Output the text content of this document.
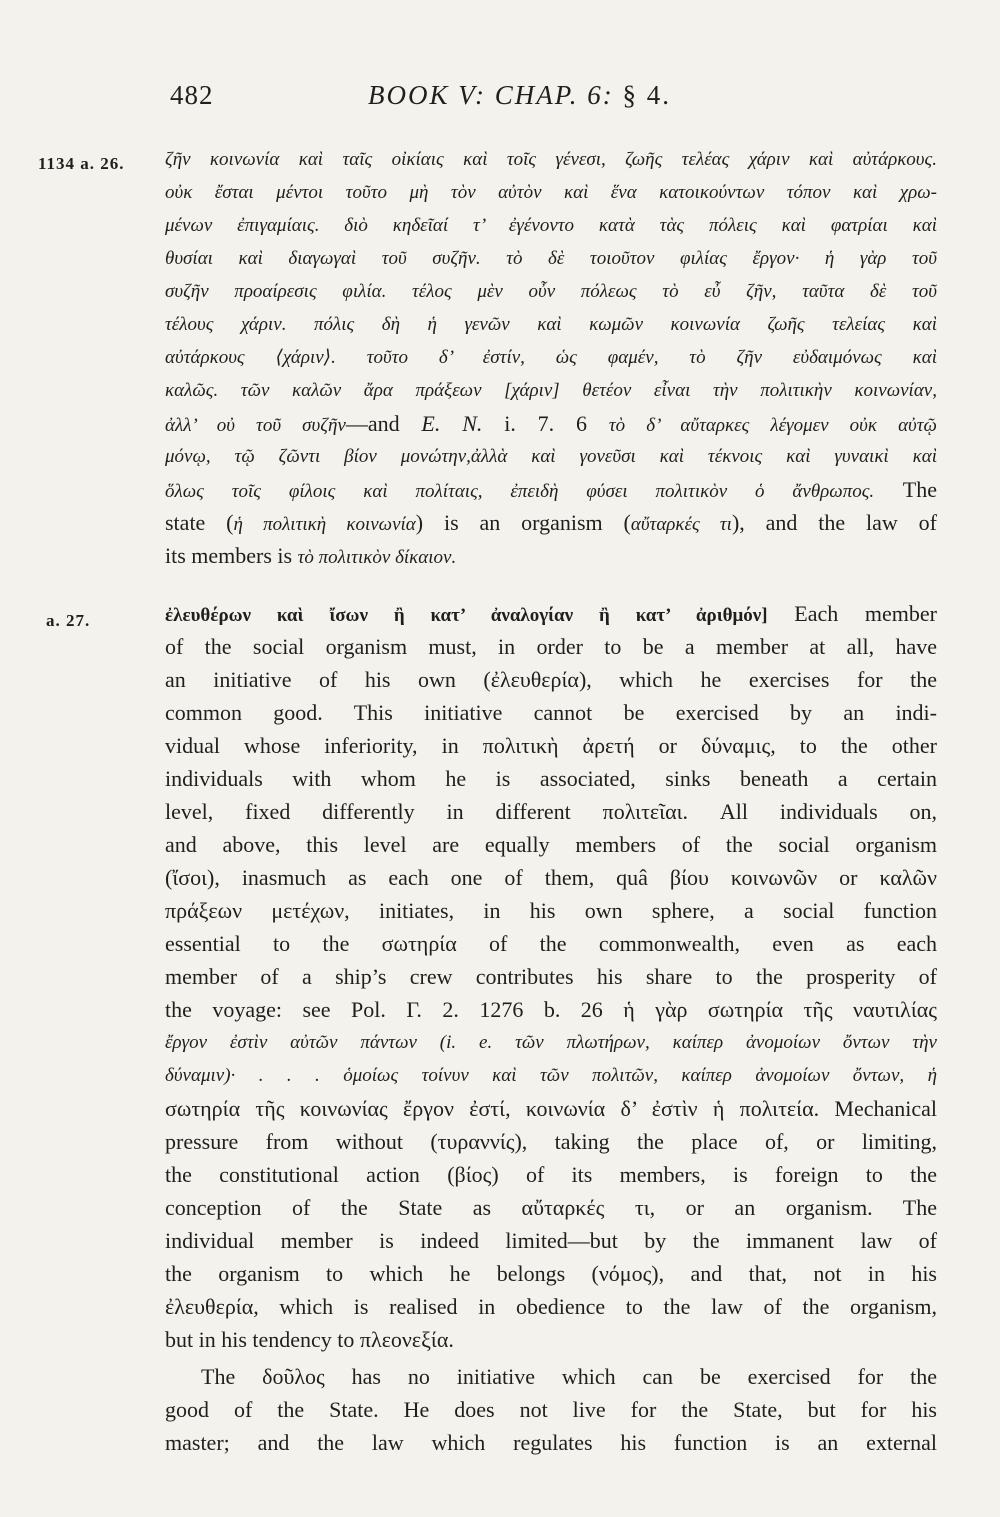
482	BOOK V: CHAP. 6: § 4.
1134 a. 26. ζῆν κοινωνία καὶ ταῖς οἰκίαις καὶ τοῖς γένεσι, ζωῆς τελέας χάριν καὶ αὐτάρκους.
οὐκ ἔσται μέντοι τοῦτο μὴ τὸν αὐτὸν καὶ ἕνα κατοικούντων τόπον καὶ χρω-
μένων ἐπιγαμίαις. διὸ κηδεῖαί τ’ ἐγένοντο κατὰ τὰς πόλεις καὶ φατρίαι καὶ
θυσίαι καὶ διαγωγαὶ τοῦ συζῆν. τὸ δὲ τοιοῦτον φιλίας ἔργον· ἡ γὰρ τοῦ
συζῆν προαίρεσις φιλία. τέλος μὲν οὖν πόλεως τὸ εὖ ζῆν, ταῦτα δὲ τοῦ
τέλους χάριν. πόλις δὴ ἡ γενῶν καὶ κωμῶν κοινωνία ζωῆς τελείας καὶ
αὐτάρκους ⟨χάριν⟩. τοῦτο δ’ ἐστίν, ὡς φαμέν, τὸ ζῆν εὐδαιμόνως καὶ
καλῶς. τῶν καλῶν ἄρα πράξεων [χάριν] θετέον εἶναι τὴν πολιτικὴν κοινωνίαν,
ἀλλ’ οὐ τοῦ συζῆν—and E. N. i. 7. 6 τὸ δ’ αὔταρκες λέγομεν οὐκ αὐτῷ
μόνῳ, τῷ ζῶντι βίον μονώτην,ἀλλὰ καὶ γονεῦσι καὶ τέκνοις καὶ γυναικὶ καὶ
ὅλως τοῖς φίλοις καὶ πολίταις, ἐπειδὴ φύσει πολιτικὸν ὁ ἄνθρωπος. The
state (ἡ πολιτικὴ κοινωνία) is an organism (αὔταρκές τι), and the law of
its members is τὸ πολιτικὸν δίκαιον.
a. 27.	ἐλευθέρων καὶ ἴσων ἢ κατ’ ἀναλογίαν ἢ κατ’ ἀριθμόν] Each member
of the social organism must, in order to be a member at all, have
an initiative of his own (ἐλευθερία), which he exercises for the
common good. This initiative cannot be exercised by an indi-
vidual whose inferiority, in πολιτικὴ ἀρετή or δύναμις, to the other
individuals with whom he is associated, sinks beneath a certain
level, fixed differently in different πολιτεῖαι. All individuals on,
and above, this level are equally members of the social organism
(ἴσοι), inasmuch as each one of them, quâ βίου κοινωνῶν or καλῶν
πράξεων μετέχων, initiates, in his own sphere, a social function
essential to the σωτηρία of the commonwealth, even as each
member of a ship’s crew contributes his share to the prosperity of
the voyage: see Pol. Γ. 2. 1276 b. 26 ἡ γὰρ σωτηρία τῆς ναυτιλίας
ἔργον ἐστὶν αὐτῶν πάντων (i. e. τῶν πλωτήρων, καίπερ ἀνομοίων ὄντων τὴν
δύναμιν)· . . . ὁμοίως τοίνυν καὶ τῶν πολιτῶν, καίπερ ἀνομοίων ὄντων, ἡ
σωτηρία τῆς κοινωνίας ἔργον ἐστί, κοινωνία δ’ ἐστὶν ἡ πολιτεία. Mechanical
pressure from without (τυραννίς), taking the place of, or limiting,
the constitutional action (βίος) of its members, is foreign to the
conception of the State as αὔταρκές τι, or an organism. The
individual member is indeed limited—but by the immanent law of
the organism to which he belongs (νόμος), and that, not in his
ἐλευθερία, which is realised in obedience to the law of the organism,
but in his tendency to πλεονεξία.
The δοῦλος has no initiative which can be exercised for the
good of the State. He does not live for the State, but for his
master; and the law which regulates his function is an external
